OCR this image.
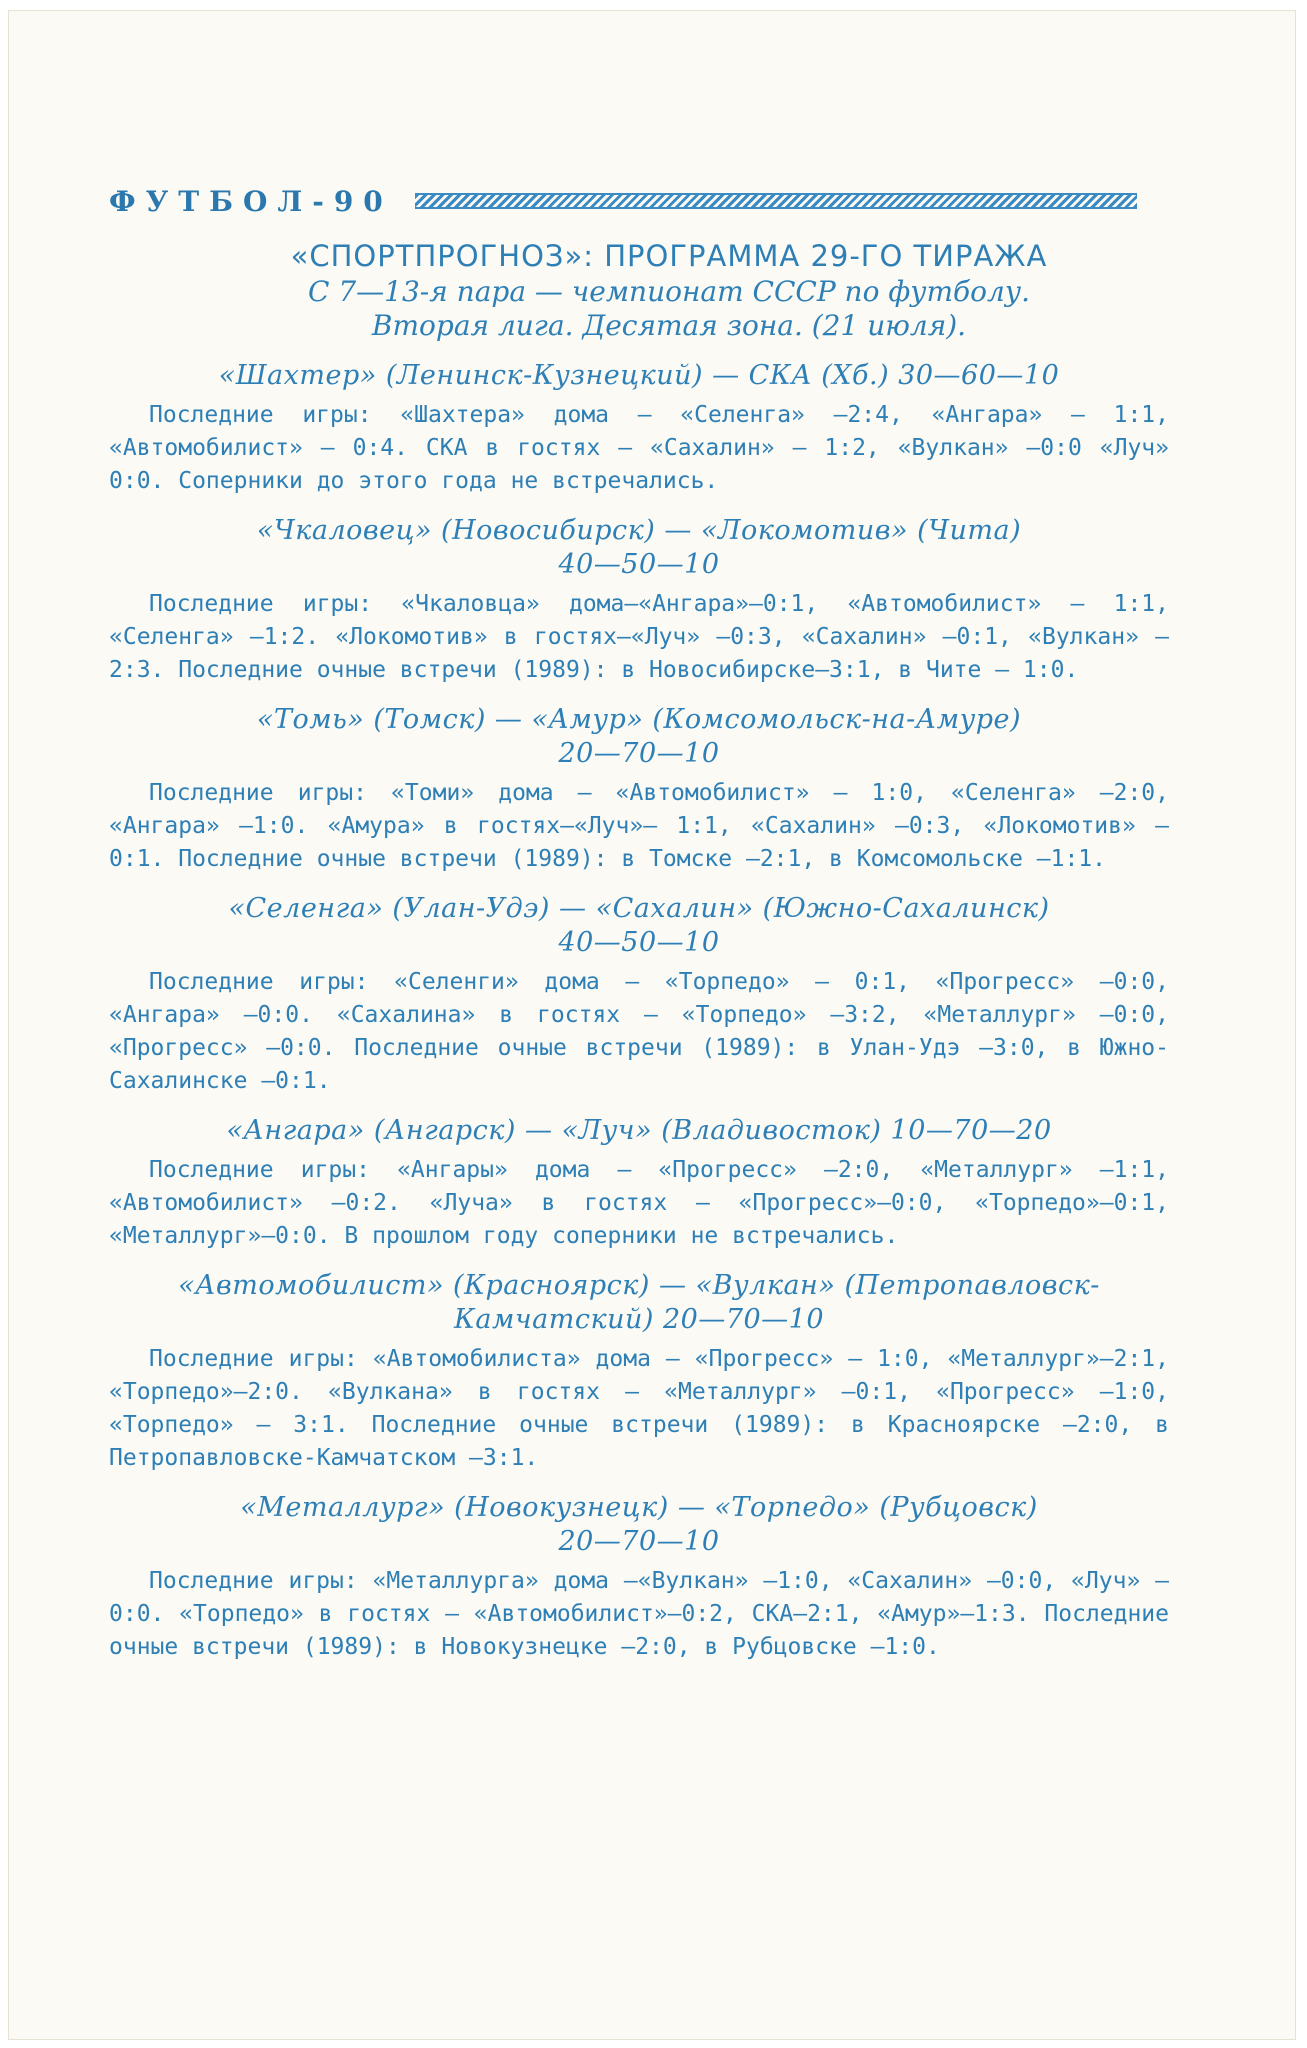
ФУТБОЛ-90
«СПОРТПРОГНОЗ»: ПРОГРАММА 29-ГО ТИРАЖА
С 7—13-я пара — чемпионат СССР по футболу.
Вторая лига. Десятая зона. (21 июля).
«Шахтер» (Ленинск-Кузнецкий) — СКА (Хб.) 30—60—10
Последние игры: «Шахтера» дома — «Селенга» —2:4, «Ангара» — 1:1, «Автомобилист» — 0:4. СКА в гостях — «Сахалин» — 1:2, «Вулкан» —0:0 «Луч» 0:0. Соперники до этого года не встречались.
«Чкаловец» (Новосибирск) — «Локомотив» (Чита)
40—50—10
Последние игры: «Чкаловца» дома—«Ангара»—0:1, «Автомобилист» — 1:1, «Селенга» —1:2. «Локомотив» в гостях—«Луч» —0:3, «Сахалин» —0:1, «Вулкан» — 2:3. Последние очные встречи (1989): в Новосибирске—3:1, в Чите — 1:0.
«Томь» (Томск) — «Амур» (Комсомольск-на-Амуре)
20—70—10
Последние игры: «Томи» дома — «Автомобилист» — 1:0, «Селенга» —2:0, «Ангара» —1:0. «Амура» в гостях—«Луч»— 1:1, «Сахалин» —0:3, «Локомотив» —0:1. Последние очные встречи (1989): в Томске —2:1, в Комсомольске —1:1.
«Селенга» (Улан-Удэ) — «Сахалин» (Южно-Сахалинск)
40—50—10
Последние игры: «Селенги» дома — «Торпедо» — 0:1, «Прогресс» —0:0, «Ангара» —0:0. «Сахалина» в гостях — «Торпедо» —3:2, «Металлург» —0:0, «Прогресс» —0:0. Последние очные встречи (1989): в Улан-Удэ —3:0, в Южно-Сахалинске —0:1.
«Ангара» (Ангарск) — «Луч» (Владивосток) 10—70—20
Последние игры: «Ангары» дома — «Прогресс» —2:0, «Металлург» —1:1, «Автомобилист» —0:2. «Луча» в гостях — «Прогресс»—0:0, «Торпедо»—0:1, «Металлург»—0:0. В прошлом году соперники не встречались.
«Автомобилист» (Красноярск) — «Вулкан» (Петропавловск-Камчатский) 20—70—10
Последние игры: «Автомобилиста» дома — «Прогресс» — 1:0, «Металлург»—2:1, «Торпедо»—2:0. «Вулкана» в гостях — «Металлург» —0:1, «Прогресс» —1:0, «Торпедо» — 3:1. Последние очные встречи (1989): в Красноярске —2:0, в Петропавловске-Камчатском —3:1.
«Металлург» (Новокузнецк) — «Торпедо» (Рубцовск)
20—70—10
Последние игры: «Металлурга» дома —«Вулкан» —1:0, «Сахалин» —0:0, «Луч» —0:0. «Торпедо» в гостях — «Автомобилист»—0:2, СКА—2:1, «Амур»—1:3. Последние очные встречи (1989): в Новокузнецке —2:0, в Рубцовске —1:0.
